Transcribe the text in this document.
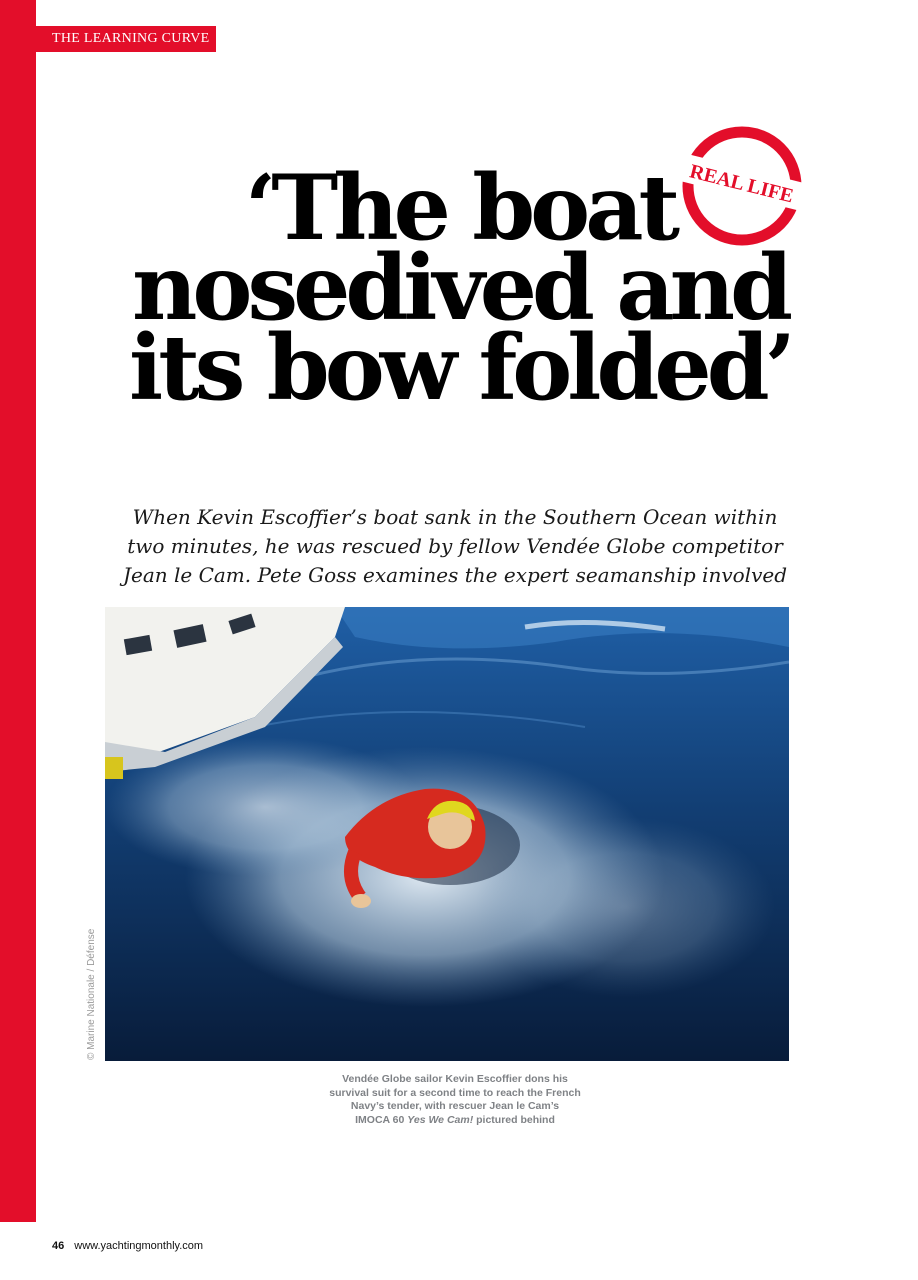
THE LEARNING CURVE
REAL LIFE
‘The boat
nosedived and
its bow folded’
When Kevin Escoffier’s boat sank in the Southern Ocean within
two minutes, he was rescued by fellow Vendée Globe competitor
Jean le Cam. Pete Goss examines the expert seamanship involved
© Marine Nationale / Défense
Vendée Globe sailor Kevin Escoffier dons his
survival suit for a second time to reach the French
Navy’s tender, with rescuer Jean le Cam’s
IMOCA 60 Yes We Cam! pictured behind
46 www.yachtingmonthly.com
